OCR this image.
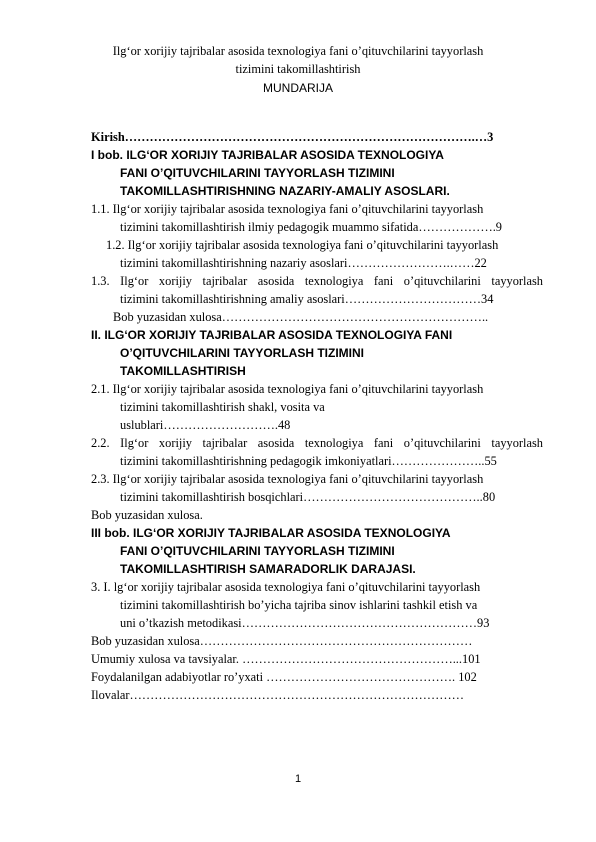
Ilg‘or xorijiy tajribalar asosida texnologiya fani o’qituvchilarini tayyorlash
tizimini takomillashtirish
MUNDARIJA
Kirish………………………………………………………………………….…3
I bob. ILG‘OR XORIJIY TAJRIBALAR ASOSIDA TEXNOLOGIYA
FANI O’QITUVCHILARINI TAYYORLASH TIZIMINI
TAKOMILLASHTIRISHNING NAZARIY-AMALIY ASOSLARI.
1.1. Ilg‘or xorijiy tajribalar asosida texnologiya fani o’qituvchilarini tayyorlash
tizimini takomillashtirish ilmiy pedagogik muammo sifatida……………….9
1.2. Ilg‘or xorijiy tajribalar asosida texnologiya fani o’qituvchilarini tayyorlash
tizimini takomillashtirishning nazariy asoslari…………………….……22
1.3. Ilg‘or xorijiy tajribalar asosida texnologiya fani o’qituvchilarini tayyorlash
tizimini takomillashtirishning amaliy asoslari……………………………34
Bob yuzasidan xulosa………………………………………………………..
II. ILG‘OR XORIJIY TAJRIBALAR ASOSIDA TEXNOLOGIYA FANI
O’QITUVCHILARINI TAYYORLASH TIZIMINI
TAKOMILLASHTIRISH
2.1. Ilg‘or xorijiy tajribalar asosida texnologiya fani o’qituvchilarini tayyorlash
tizimini takomillashtirish shakl, vosita va
uslublari……………………….48
2.2. Ilg‘or xorijiy tajribalar asosida texnologiya fani o’qituvchilarini tayyorlash
tizimini takomillashtirishning pedagogik imkoniyatlari…………………..55
2.3. Ilg‘or xorijiy tajribalar asosida texnologiya fani o’qituvchilarini tayyorlash
tizimini takomillashtirish bosqichlari……………………………………..80
Bob yuzasidan xulosa.
III bob. ILG‘OR XORIJIY TAJRIBALAR ASOSIDA TEXNOLOGIYA
FANI O’QITUVCHILARINI TAYYORLASH TIZIMINI
TAKOMILLASHTIRISH SAMARADORLIK DARAJASI.
3. I. lg‘or xorijiy tajribalar asosida texnologiya fani o’qituvchilarini tayyorlash
tizimini takomillashtirish bo’yicha tajriba sinov ishlarini tashkil etish va
uni o’tkazish metodikasi…………………………………………………93
Bob yuzasidan xulosa…………………………………………………………
Umumiy xulosa va tavsiyalar. ……………………………………………...101
Foydalanilgan adabiyotlar ro’yxati ………………………………………. 102
Ilovalar………………………………………………………………………
1
